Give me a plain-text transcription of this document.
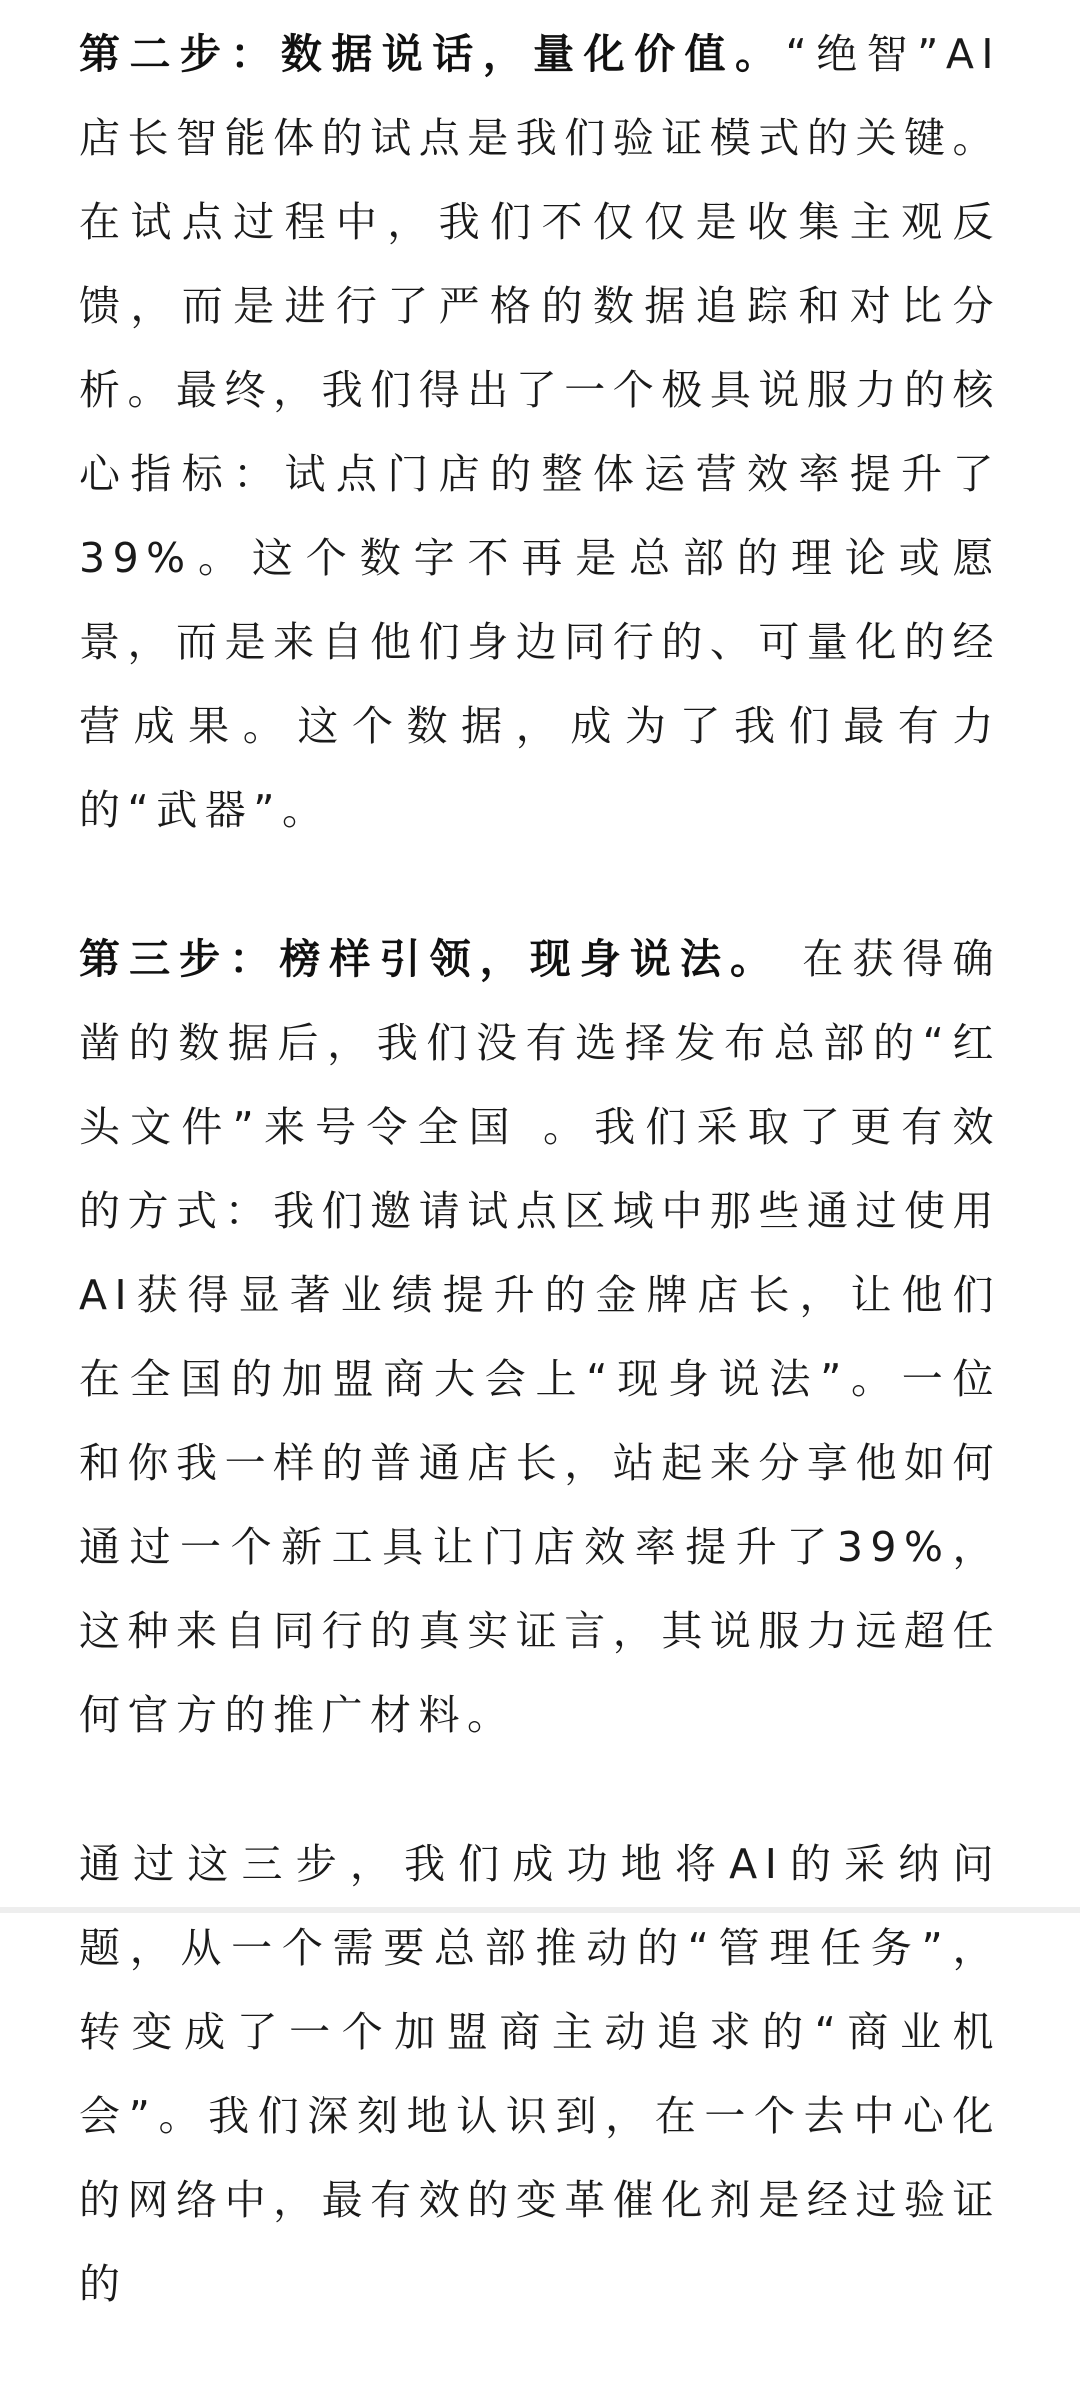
第二步：数据说话，量化价值。“绝智”AI店长智能体的试点是我们验证模式的关键。在试点过程中，我们不仅仅是收集主观反馈，而是进行了严格的数据追踪和对比分析。最终，我们得出了一个极具说服力的核心指标：试点门店的整体运营效率提升了39%。这个数字不再是总部的理论或愿景，而是来自他们身边同行的、可量化的经营成果。这个数据，成为了我们最有力的“武器”。

第三步：榜样引领，现身说法。 在获得确凿的数据后，我们没有选择发布总部的“红头文件”来号令全国 。我们采取了更有效的方式：我们邀请试点区域中那些通过使用AI获得显著业绩提升的金牌店长，让他们在全国的加盟商大会上“现身说法”。一位和你我一样的普通店长，站起来分享他如何通过一个新工具让门店效率提升了39%，这种来自同行的真实证言，其说服力远超任何官方的推广材料。

通过这三步，我们成功地将AI的采纳问题，从一个需要总部推动的“管理任务”，转变成了一个加盟商主动追求的“商业机会”。我们深刻地认识到，在一个去中心化的网络中，最有效的变革催化剂是经过验证的
